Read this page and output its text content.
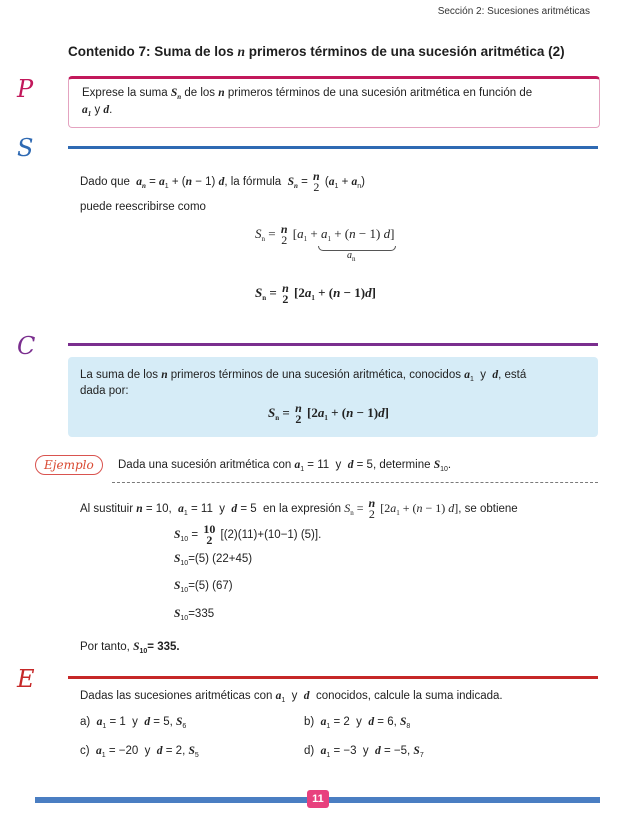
Sección 2: Sucesiones aritméticas
Contenido 7: Suma de los n primeros términos de una sucesión aritmética (2)
P	Exprese la suma $S_n$ de los n primeros términos de una sucesión aritmética en función de
$a_1$ y d.
S
Dado que $a_n = a_1 + (n - 1)$ d, la fórmula $S_n = n$
2 $(a_1 + a_n)$
puede reescribirse como
$S_n = n$
2 [$a_1 + a_1 + (n - 1)$ d]
$a_n$
$S_n = n$
2 $[2a_1 + (n - 1)d]$
C
La suma de los n primeros términos de una sucesión aritmética, conocidos $a_1$ y d, está
dada por:
$S_n = n$
2 $[2a_1 + (n - 1)d]$
Ejemplo	Dada una sucesión aritmética con $a_1 = 11$  y  d = 5, determine $S_{10}$.
Al sustituir n = 10,  $a_1 = 11$  y  d = 5  en la expresión $S_n = n$
2 [$2a_1 + (n - 1)$ d], se obtiene
$S_{10} = 10$
2 [(2)(11)+(10−1) (5)].
$S_{10}=(5)$ (22+45)
$S_{10}=(5)$ (67)
$S_{10}=335$
Por tanto, $S_{10}= 335$.
E
Dadas las sucesiones aritméticas con $a_1$  y  d conocidos, calcule la suma indicada.
a) $a_1 = 1$  y  d = 5, $S_6$	b) $a_1 = 2$  y  d = 6, $S_8$
c) $a_1 = -20$  y  d = 2, $S_5$	d) $a_1 = -3$  y  d = −5, $S_7$
11
